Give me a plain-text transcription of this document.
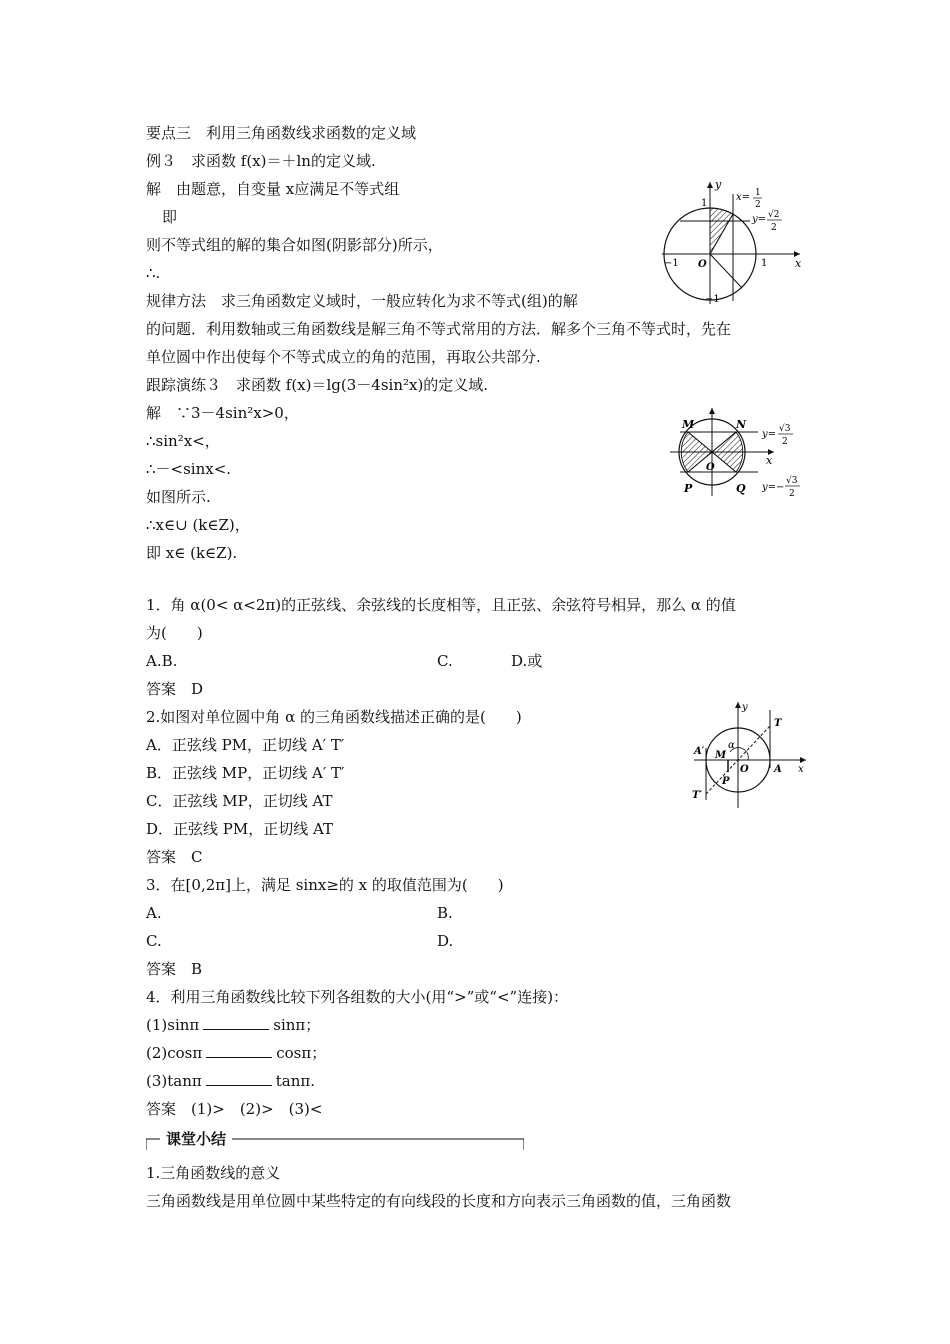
要点三　利用三角函数线求函数的定义域
例３　求函数 f(x)＝＋ln的定义域.
解　由题意，自变量 x应满足不等式组
即
则不等式组的解的集合如图(阴影部分)所示，
∴.
规律方法　求三角函数定义域时，一般应转化为求不等式(组)的解
的问题．利用数轴或三角函数线是解三角不等式常用的方法．解多个三角不等式时，先在
单位圆中作出使每个不等式成立的角的范围，再取公共部分.
跟踪演练３　求函数 f(x)＝lg(3－4sin²x)的定义域.
解　∵3－4sin²x>0，
∴sin²x<，
∴－<sinx<.
如图所示.
∴x∈∪ (k∈Z)，
即 x∈ (k∈Z).
y
x= 1
2
y= √2
2
1
−1 O	1	x
−1
M	N
O
x
P	Q
y= √3
2
y=−
√3
2
1．角 α(0< α<2π)的正弦线、余弦线的长度相等，且正弦、余弦符号相异，那么 α 的值
为(　　)
A.B.	C.	D.或
答案　D
2.如图对单位圆中角 α 的三角函数线描述正确的是(　　)
A．正弦线 PM，正切线 A′ T′
B．正弦线 MP，正切线 A′ T′
C．正弦线 MP，正切线 AT
D．正弦线 PM，正切线 AT
答案　C
y
T
A′
α
M
O	A x
P
T′
3．在[0,2π]上，满足 sinx≥的 x 的取值范围为(　　)
A.	B.
C.	D.
答案　B
4．利用三角函数线比较下列各组数的大小(用“>”或“<”连接)：
(1)sinπ	sinπ；
(2)cosπ	cosπ；
(3)tanπ	tanπ.
答案　(1)>　(2)>　(3)<
课堂小结
1.三角函数线的意义
三角函数线是用单位圆中某些特定的有向线段的长度和方向表示三角函数的值，三角函数
